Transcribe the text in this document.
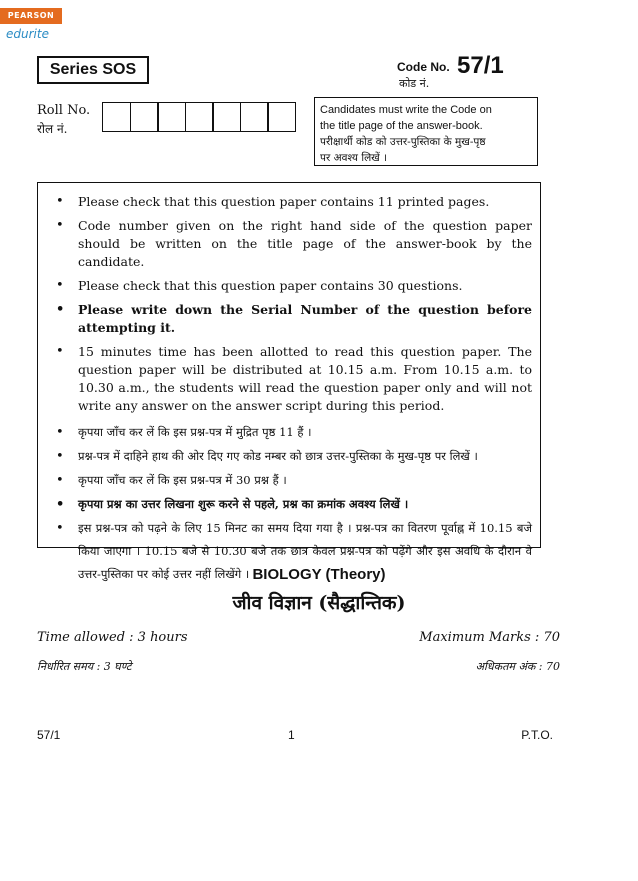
PEARSON
edurite
Series SOS	Code No.
कोड नं.
57/1
Roll No.
रोल नं.
Candidates must write the Code on
the title page of the answer-book.
परीक्षार्थी कोड को उत्तर-पुस्तिका के मुख-पृष्ठ
पर अवश्य लिखें ।
• Please check that this question paper contains 11 printed pages.
• Code number given on the right hand side of the question paper should be written on the title page of the answer-book by the candidate.
• Please check that this question paper contains 30 questions.
• Please write down the Serial Number of the question before attempting it.
• 15 minutes time has been allotted to read this question paper. The question paper will be distributed at 10.15 a.m. From 10.15 a.m. to 10.30 a.m., the students will read the question paper only and will not write any answer on the answer script during this period.
• कृपया जाँच कर लें कि इस प्रश्न-पत्र में मुद्रित पृष्ठ 11 हैं ।
• प्रश्न-पत्र में दाहिने हाथ की ओर दिए गए कोड नम्बर को छात्र उत्तर-पुस्तिका के मुख-पृष्ठ पर लिखें ।
• कृपया जाँच कर लें कि इस प्रश्न-पत्र में 30 प्रश्न हैं ।
• कृपया प्रश्न का उत्तर लिखना शुरू करने से पहले, प्रश्न का क्रमांक अवश्य लिखें ।
• इस प्रश्न-पत्र को पढ़ने के लिए 15 मिनट का समय दिया गया है । प्रश्न-पत्र का वितरण पूर्वाह्न में 10.15 बजे किया जाएगा । 10.15 बजे से 10.30 बजे तक छात्र केवल प्रश्न-पत्र को पढ़ेंगे और इस अवधि के दौरान वे उत्तर-पुस्तिका पर कोई उत्तर नहीं लिखेंगे । BIOLOGY (Theory)
जीव विज्ञान (सैद्धान्तिक)
Time allowed : 3 hours
निर्धारित समय : 3 घण्टे
Maximum Marks : 70
अधिकतम अंक : 70
57/1	1	P.T.O.
